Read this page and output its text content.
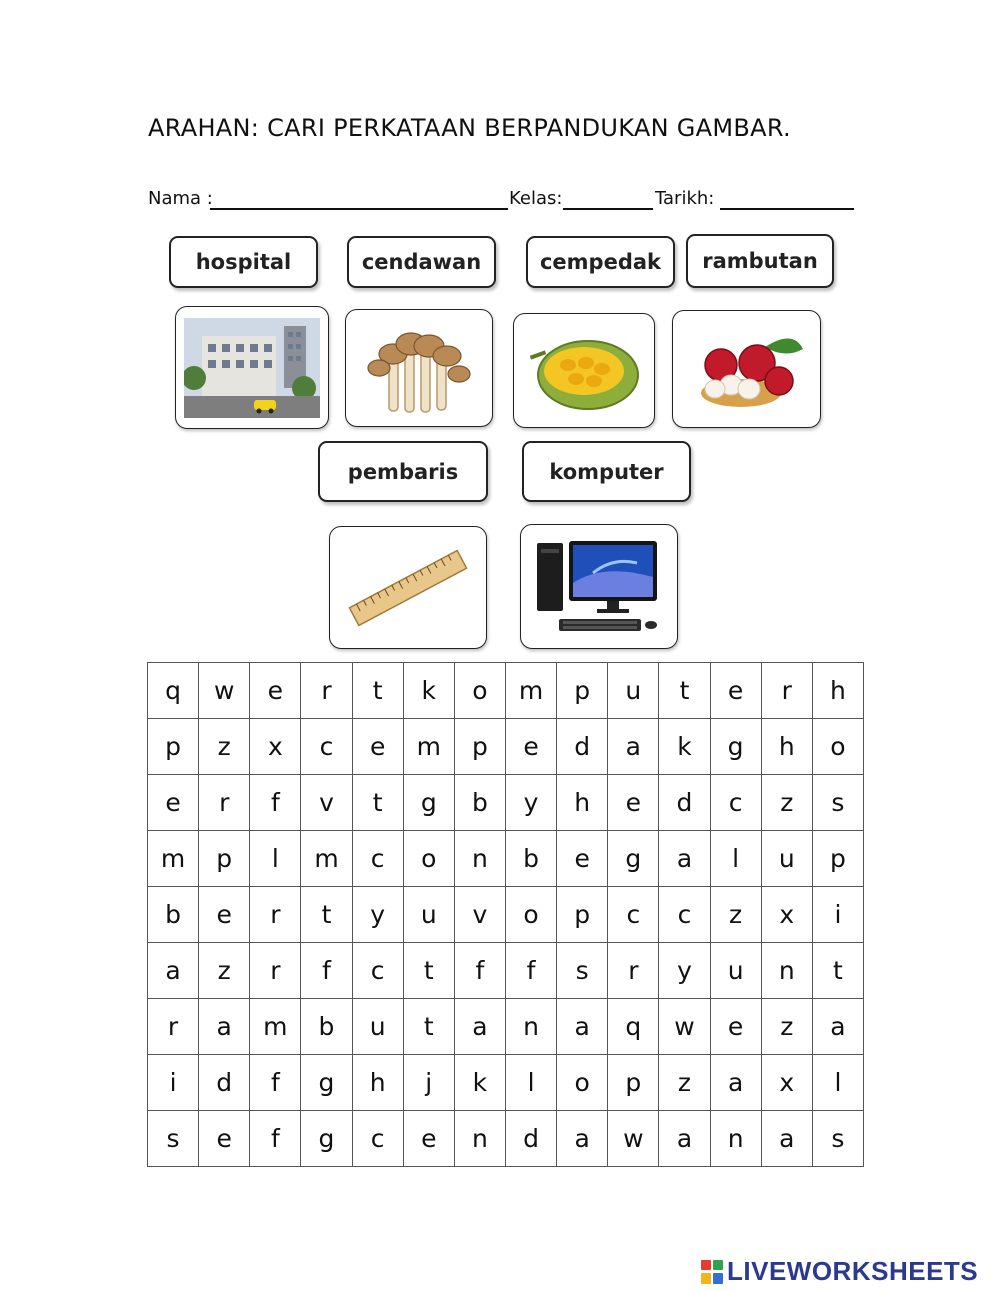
ARAHAN: CARI PERKATAAN BERPANDUKAN GAMBAR.
Nama :	Kelas:	Tarikh:
hospital	cendawan	cempedak rambutan
pembaris	komputer
q	w	e	r	t	k	o	m	p	u	t	e	r	h
p	z	x	c	e	m	p	e	d	a	k	g	h	o
e	r	f	v	t	g	b	y	h	e	d	c	z	s
m	p	l	m	c	o	n	b	e	g	a	l	u	p
b	e	r	t	y	u	v	o	p	c	c	z	x	i
a	z	r	f	c	t	f	f	s	r	y	u	n	t
r	a	m	b	u	t	a	n	a	q	w	e	z	a
i	d	f	g	h	j	k	l	o	p	z	a	x	l
s	e	f	g	c	e	n	d	a	w	a	n	a	s
LIVEWORKSHEETS
